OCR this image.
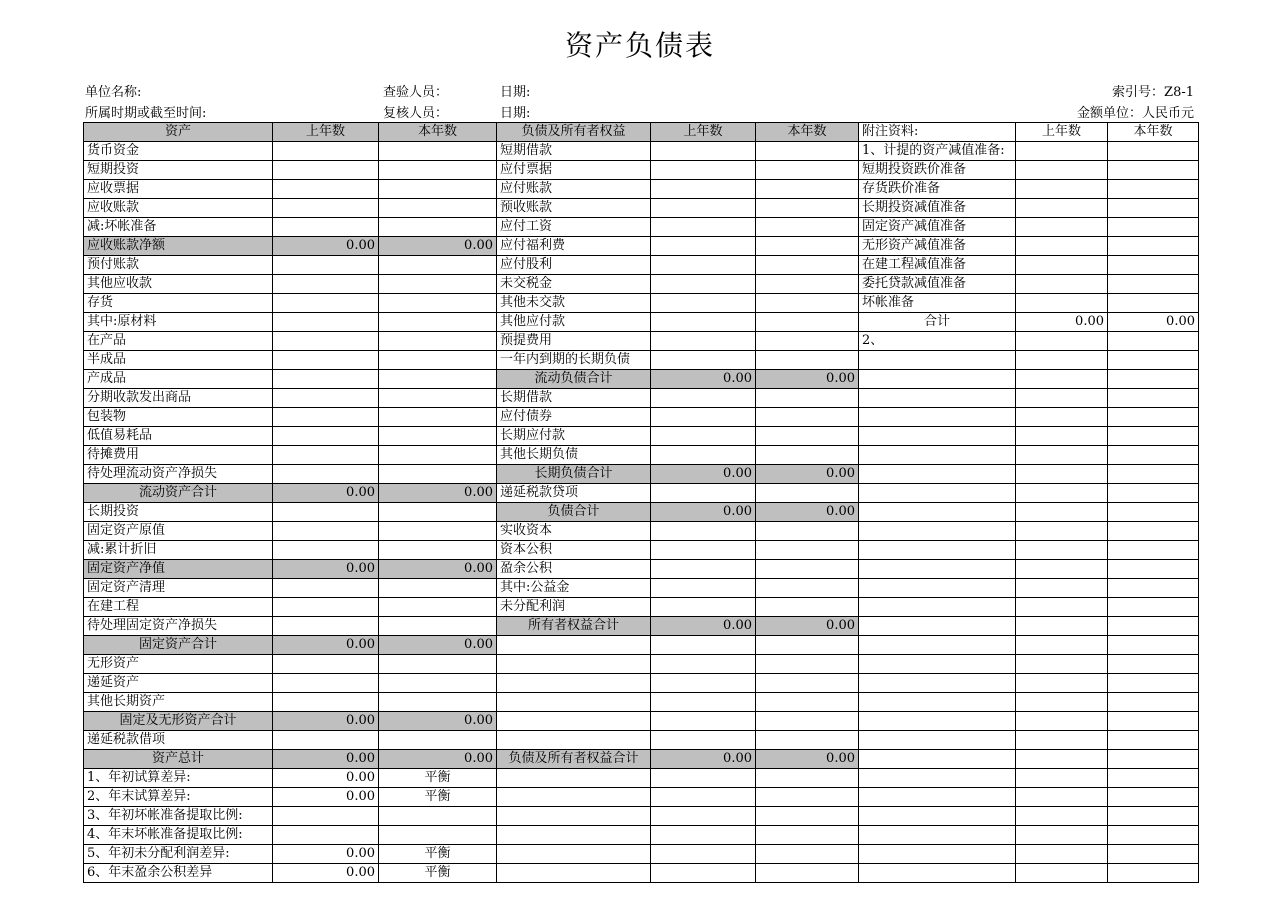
资产负债表
单位名称:	查验人员：	日期:	索引号：Z8-1
所属时期或截至时间:	复核人员：	日期:	金额单位：人民币元
资产	上年数	本年数	负债及所有者权益	上年数	本年数	附注资料:	上年数	本年数
货币资金			短期借款			1、计提的资产减值准备:		
短期投资			应付票据			短期投资跌价准备		
应收票据			应付账款			存货跌价准备		
应收账款			预收账款			长期投资减值准备		
减:坏帐准备			应付工资			固定资产减值准备		
应收账款净额	0.00	0.00	应付福利费			无形资产减值准备		
预付账款			应付股利			在建工程减值准备		
其他应收款			未交税金			委托贷款减值准备		
存货			其他未交款			坏帐准备		
其中:原材料			其他应付款			合计	0.00	0.00
在产品			预提费用			2、		
半成品			一年内到期的长期负债					
产成品			流动负债合计	0.00	0.00			
分期收款发出商品			长期借款					
包装物			应付债券					
低值易耗品			长期应付款					
待摊费用			其他长期负债					
待处理流动资产净损失			长期负债合计	0.00	0.00			
流动资产合计	0.00	0.00	递延税款贷项					
长期投资			负债合计	0.00	0.00			
固定资产原值			实收资本					
减:累计折旧			资本公积					
固定资产净值	0.00	0.00	盈余公积					
固定资产清理			其中:公益金					
在建工程			未分配利润					
待处理固定资产净损失			所有者权益合计	0.00	0.00			
固定资产合计	0.00	0.00						
无形资产								
递延资产								
其他长期资产								
固定及无形资产合计	0.00	0.00						
递延税款借项								
资产总计	0.00	0.00	负债及所有者权益合计	0.00	0.00			
1、年初试算差异:	0.00	平衡						
2、年末试算差异:	0.00	平衡						
3、年初坏帐准备提取比例:								
4、年末坏帐准备提取比例:								
5、年初未分配利润差异:	0.00	平衡						
6、年末盈余公积差异	0.00	平衡						
